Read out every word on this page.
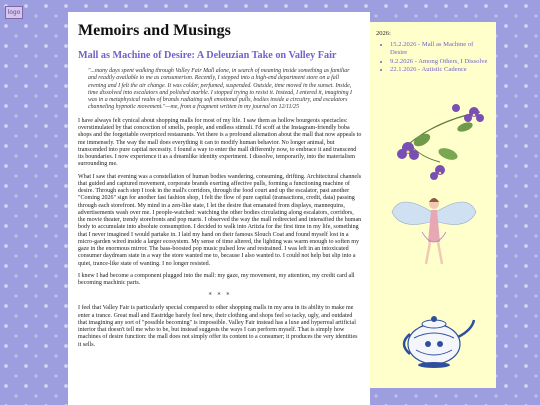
logo
Memoirs and Musings
Mall as Machine of Desire: A Deleuzian Take on Valley Fair
"...many days spent walking through Valley Fair Mall alone, in search of meaning inside something as familiar and readily available to me as consumerism. Recently, I stepped into a high-end department store on a fall evening and I felt the air change. It was colder, perfumed, suspended. Outside, time moved in the sunset. Inside, time dissolved into escalators and polished marble. I stopped trying to resist it. Instead, I entered it, imagining I was in a metaphysical realm of brands radiating soft emotional pulls, bodies inside a circuitry, and escalators channeling hypnotic movement."—me, from a fragment written in my journal on 12/11/25

I have always felt cynical about shopping malls for most of my life. I saw them as hollow bourgeois spectacles: overstimulated by that concoction of smells, people, and endless stimuli. I'd scoff at the Instagram-friendly boba shops and the forgettable overpriced restaurants. Yet there is a profound alienation about the mall that now appeals to me immensely. The way the mall does everything it can to modify human behavior. No longer animal, but transcended into pure capital necessity. I found a way to enter the mall differently now, to embrace it and transcend its boundaries. I now experience it as a dreamlike identity experiment. I dissolve, temporarily, into the materialism surrounding me.

What I saw that evening was a constellation of human bodies wandering, consuming, drifting. Architectural channels that guided and captured movement, corporate brands exerting affective pulls, forming a functioning machine of desire. Through each step I took in the mall's corridors, through the food court and up the escalator, past another "Coming 2026" sign for another fast fashion shop, I felt the flow of pure capital (transactions, credit, data) passing through each storefront. My mind in a zen-like state, I let the desire that emanated from displays, mannequins, advertisements wash over me. I people-watched: watching the other bodies circulating along escalators, corridors, the movie theater, trendy storefronts and pop marts. I observed the way the mall redirected and intensified the human body to accumulate into absolute consumption. I decided to walk into Aritzia for the first time in my life, something that I never imagined I would partake in. I laid my hand on their famous Slouch Coat and found myself lost in a micro-garden wired inside a larger ecosystem. My sense of time altered, the lighting was warm enough to soften my gaze in the enormous mirror. The bass-boosted pop music pulsed low and restrained. I was left in an intoxicated consumer daydream state in a way the store wanted me to, because I also wanted to. I could not help but slip into a quiet, trance-like state of wanting. I no longer resisted.

I knew I had become a component plugged into the mall: my gaze, my movement, my attention, my credit card all becoming machinic parts.

* * *

I feel that Valley Fair is particularly special compared to other shopping malls in my area in its ability to make me enter a trance. Great mall and Eastridge barely feel new, their clothing and shops feel so tacky, ugly, and outdated that imagining any sort of "possible becoming" is impossible. Valley Fair instead has a luxe and hyperreal artificial interior that doesn't tell me who to be, but instead suggests the ways I can perform myself. That is simply how machines of desire function: the mall does not simply offer its content to a consumer; it produces the very identities it sells.

2026:
• 15.2.2026 - Mall as Machine of Desire
• 9.2.2026 - Among Others, I Dissolve
• 22.1.2026 - Autistic Cadence
